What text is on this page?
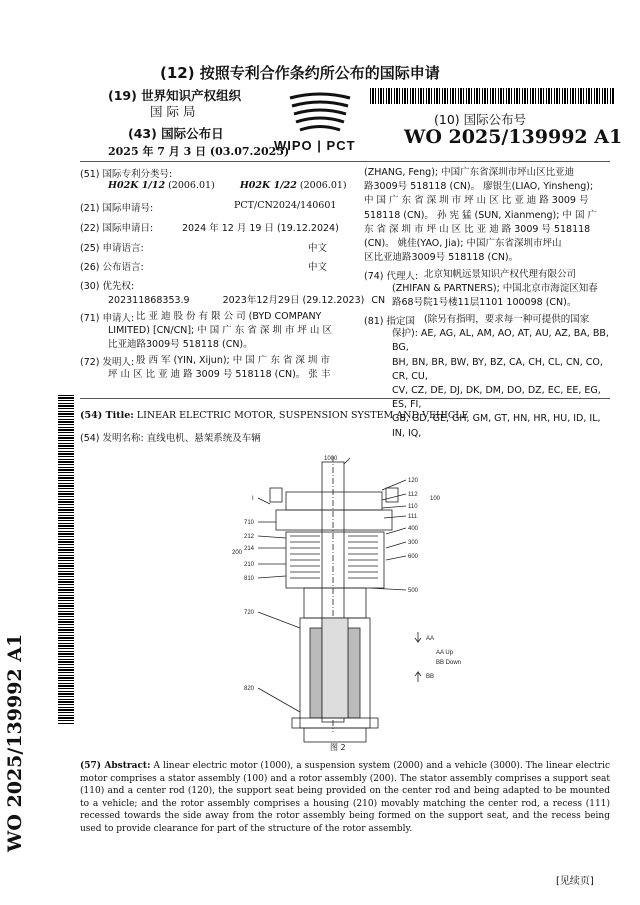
(12) 按照专利合作条约所公布的国际申请
(19) 世界知识产权组织
国 际 局
(43) 国际公布日
2025 年 7 月 3 日 (03.07.2025)
WIPO | PCT
(10) 国际公布号
WO 2025/139992 A1
(51) 国际专利分类号:
H02K 1/12 (2006.01)	H02K 1/22 (2006.01)
(21) 国际申请号:	PCT/CN2024/140601
(22) 国际申请日:	2024 年 12 月 19 日 (19.12.2024)
(25) 申请语言:	中文
(26) 公布语言:	中文
(30) 优先权:
202311868353.9	2023年12月29日 (29.12.2023) CN
(71) 申请人: 比 亚 迪 股 份 有 限 公 司 (BYD COMPANY
LIMITED) [CN/CN]; 中 国 广 东 省 深 圳 市 坪 山 区
比亚迪路3009号 518118 (CN)。
(72) 发明人: 殷 西 军 (YIN, Xijun); 中 国 广 东 省 深 圳 市
坪 山 区 比 亚 迪 路 3009 号 518118 (CN)。 张 丰
(ZHANG, Feng); 中国广东省深圳市坪山区比亚迪
路3009号 518118 (CN)。 廖银生(LIAO, Yinsheng);
中 国 广 东 省 深 圳 市 坪 山 区 比 亚 迪 路 3009 号
518118 (CN)。 孙 宪 猛 (SUN, Xianmeng); 中 国 广
东 省 深 圳 市 坪 山 区 比 亚 迪 路 3009 号 518118
(CN)。 姚佳(YAO, Jia); 中国广东省深圳市坪山
区比亚迪路3009号 518118 (CN)。
(74) 代理人: 北京知帆远景知识产权代理有限公司
(ZHIFAN & PARTNERS); 中国北京市海淀区知春
路68号院1号楼11层1101 100098 (CN)。
(81) 指定国 (除另有指明，要求每一种可提供的国家
保护): AE, AG, AL, AM, AO, AT, AU, AZ, BA, BB, BG,
BH, BN, BR, BW, BY, BZ, CA, CH, CL, CN, CO, CR, CU,
CV, CZ, DE, DJ, DK, DM, DO, DZ, EC, EE, EG, ES, FI,
GB, GD, GE, GH, GM, GT, HN, HR, HU, ID, IL, IN, IQ,
(54) Title: LINEAR ELECTRIC MOTOR, SUSPENSION SYSTEM AND VEHICLE
(54) 发明名称: 直线电机、悬架系统及车辆
1000
120
112
110
111
100
400
300
600
500
I
710
212
214
200
210
810
720
820
AA
AA Up
BB Down
BB
图 2
(57) Abstract: A linear electric motor (1000), a suspension system (2000) and a vehicle (3000). The linear electric motor comprises a stator assembly (100) and a rotor assembly (200). The stator assembly comprises a support seat (110) and a center rod (120), the support seat being provided on the center rod and being adapted to be mounted to a vehicle; and the rotor assembly comprises a housing (210) movably matching the center rod, a recess (111) recessed towards the side away from the rotor assembly being formed on the support seat, and the recess being used to provide clearance for part of the structure of the rotor assembly.
WO 2025/139992 A1
[见续页]
